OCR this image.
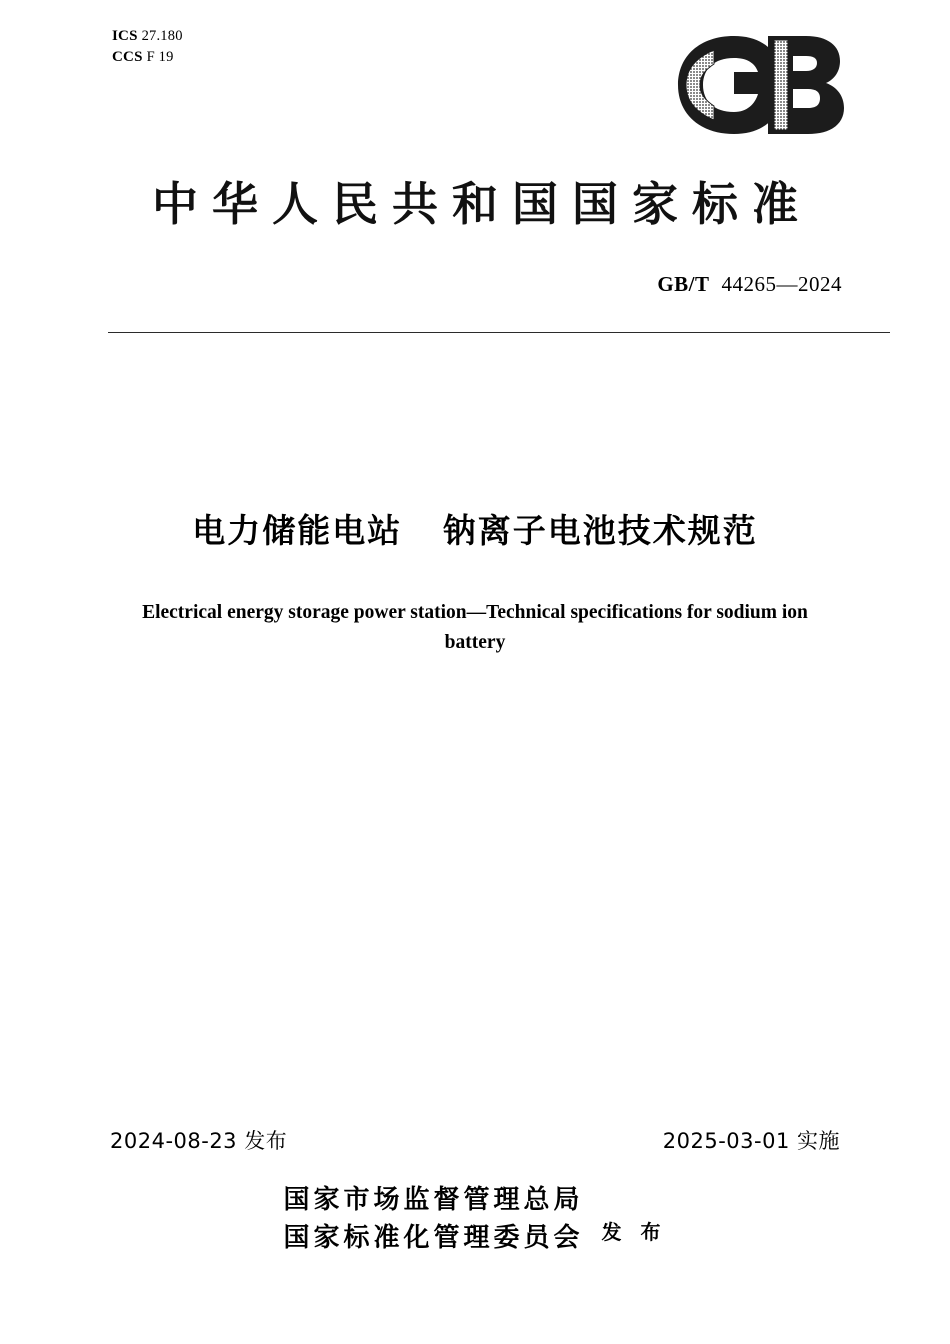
ICS 27.180
CCS F 19
中华人民共和国国家标准
GB/T 44265—2024
电力储能电站   钠离子电池技术规范
Electrical energy storage power station—Technical specifications for sodium ion battery
2024-08-23 发布	2025-03-01 实施
国家市场监督管理总局
国家标准化管理委员会 发 布
